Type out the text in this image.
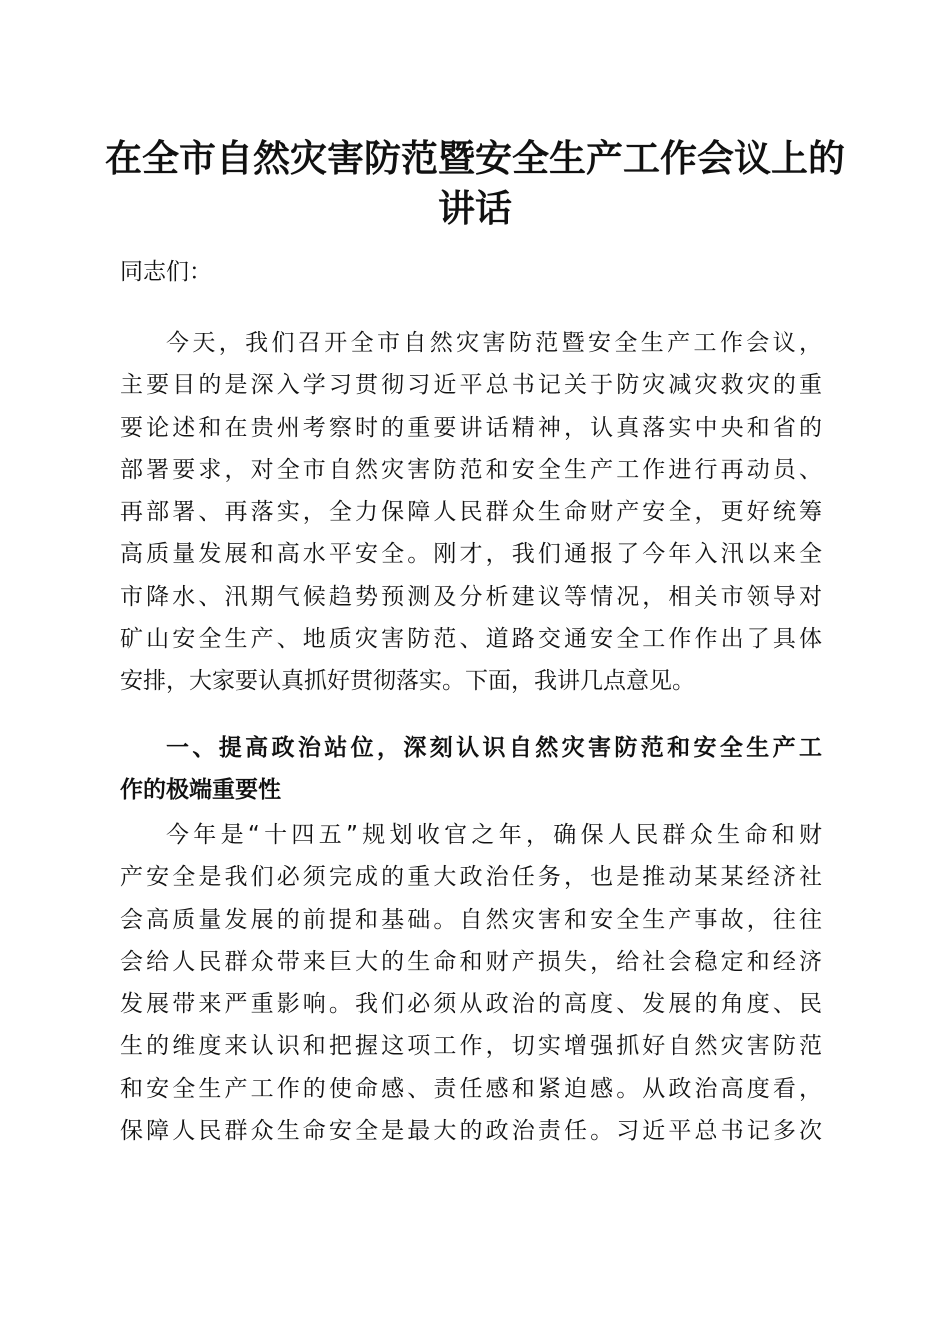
在全市自然灾害防范暨安全生产工作会议上的
讲话

同志们：

今天，我们召开全市自然灾害防范暨安全生产工作会议，
主要目的是深入学习贯彻习近平总书记关于防灾减灾救灾的重
要论述和在贵州考察时的重要讲话精神，认真落实中央和省的
部署要求，对全市自然灾害防范和安全生产工作进行再动员、
再部署、再落实，全力保障人民群众生命财产安全，更好统筹
高质量发展和高水平安全。刚才，我们通报了今年入汛以来全
市降水、汛期气候趋势预测及分析建议等情况，相关市领导对
矿山安全生产、地质灾害防范、道路交通安全工作作出了具体
安排，大家要认真抓好贯彻落实。下面，我讲几点意见。
一、提高政治站位，深刻认识自然灾害防范和安全生产工
作的极端重要性
今年是“十四五”规划收官之年，确保人民群众生命和财
产安全是我们必须完成的重大政治任务，也是推动某某经济社
会高质量发展的前提和基础。自然灾害和安全生产事故，往往
会给人民群众带来巨大的生命和财产损失，给社会稳定和经济
发展带来严重影响。我们必须从政治的高度、发展的角度、民
生的维度来认识和把握这项工作，切实增强抓好自然灾害防范
和安全生产工作的使命感、责任感和紧迫感。从政治高度看，
保障人民群众生命安全是最大的政治责任。习近平总书记多次
